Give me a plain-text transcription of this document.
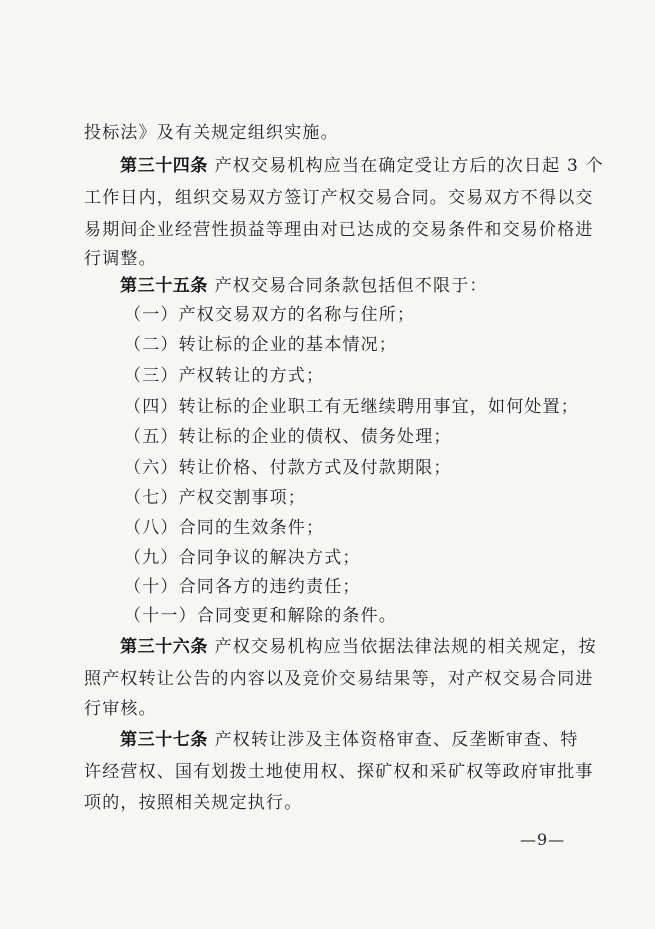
投标法》及有关规定组织实施。
第三十四条 产权交易机构应当在确定受让方后的次日起 3 个
工作日内，组织交易双方签订产权交易合同。交易双方不得以交
易期间企业经营性损益等理由对已达成的交易条件和交易价格进
行调整。
第三十五条 产权交易合同条款包括但不限于：
（一）产权交易双方的名称与住所；
（二）转让标的企业的基本情况；
（三）产权转让的方式；
（四）转让标的企业职工有无继续聘用事宜，如何处置；
（五）转让标的企业的债权、债务处理；
（六）转让价格、付款方式及付款期限；
（七）产权交割事项；
（八）合同的生效条件；
（九）合同争议的解决方式；
（十）合同各方的违约责任；
（十一）合同变更和解除的条件。
第三十六条 产权交易机构应当依据法律法规的相关规定，按
照产权转让公告的内容以及竞价交易结果等，对产权交易合同进
行审核。
第三十七条 产权转让涉及主体资格审查、反垄断审查、特
许经营权、国有划拨土地使用权、探矿权和采矿权等政府审批事
项的，按照相关规定执行。
—9—
